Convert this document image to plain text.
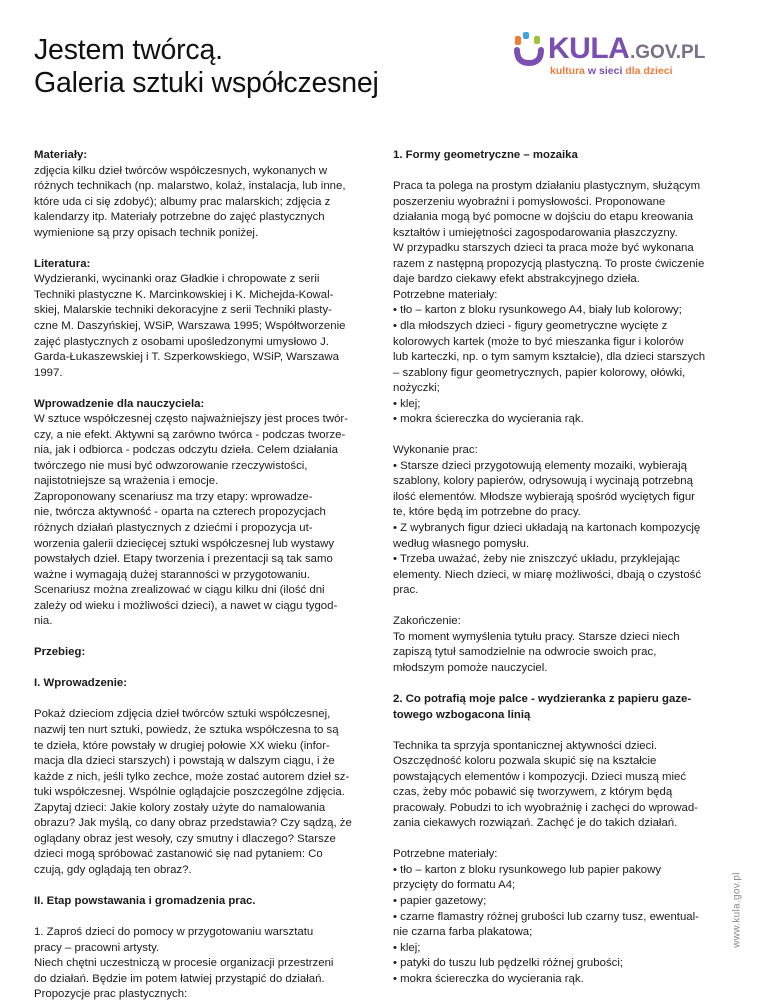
Jestem twórcą.
Galeria sztuki współczesnej
KULA .GOV.PL
kultura w sieci dla dzieci
Materiały:
zdjęcia kilku dzieł twórców współczesnych, wykonanych w
różnych technikach (np. malarstwo, kolaż, instalacja, lub inne,
które uda ci się zdobyć); albumy prac malarskich; zdjęcia z
kalendarzy itp. Materiały potrzebne do zajęć plastycznych
wymienione są przy opisach technik poniżej.
Literatura:
Wydzieranki, wycinanki oraz Gładkie i chropowate z serii
Techniki plastyczne K. Marcinkowskiej i K. Michejda-Kowal-
skiej, Malarskie techniki dekoracyjne z serii Techniki plasty-
czne M. Daszyńskiej, WSiP, Warszawa 1995; Współtworzenie
zajęć plastycznych z osobami upośledzonymi umysłowo J.
Garda-Łukaszewskiej i T. Szperkowskiego, WSiP, Warszawa
1997.
Wprowadzenie dla nauczyciela:
W sztuce współczesnej często najważniejszy jest proces twór-
czy, a nie efekt. Aktywni są zarówno twórca - podczas tworze-
nia, jak i odbiorca - podczas odczytu dzieła. Celem działania
twórczego nie musi być odwzorowanie rzeczywistości,
najistotniejsze są wrażenia i emocje.
Zaproponowany scenariusz ma trzy etapy: wprowadze-
nie, twórcza aktywność - oparta na czterech propozycjach
różnych działań plastycznych z dziećmi i propozycja ut-
worzenia galerii dziecięcej sztuki współczesnej lub wystawy
powstałych dzieł. Etapy tworzenia i prezentacji są tak samo
ważne i wymagają dużej staranności w przygotowaniu.
Scenariusz można zrealizować w ciągu kilku dni (ilość dni
zależy od wieku i możliwości dzieci), a nawet w ciągu tygod-
nia.
Przebieg:
I. Wprowadzenie:
Pokaż dzieciom zdjęcia dzieł twórców sztuki współczesnej,
nazwij ten nurt sztuki, powiedz, że sztuka współczesna to są
te dzieła, które powstały w drugiej połowie XX wieku (infor-
macja dla dzieci starszych) i powstają w dalszym ciągu, i że
każde z nich, jeśli tylko zechce, może zostać autorem dzieł sz-
tuki współczesnej. Wspólnie oglądajcie poszczególne zdjęcia.
Zapytaj dzieci: Jakie kolory zostały użyte do namalowania
obrazu? Jak myślą, co dany obraz przedstawia? Czy sądzą, że
oglądany obraz jest wesoły, czy smutny i dlaczego? Starsze
dzieci mogą spróbować zastanowić się nad pytaniem: Co
czują, gdy oglądają ten obraz?.
II. Etap powstawania i gromadzenia prac.
1. Zaproś dzieci do pomocy w przygotowaniu warsztatu
pracy – pracowni artysty.
Niech chętni uczestniczą w procesie organizacji przestrzeni
do działań. Będzie im potem łatwiej przystąpić do działań.
Propozycje prac plastycznych:
1. Formy geometryczne – mozaika
Praca ta polega na prostym działaniu plastycznym, służącym
poszerzeniu wyobraźni i pomysłowości. Proponowane
działania mogą być pomocne w dojściu do etapu kreowania
kształtów i umiejętności zagospodarowania płaszczyzny.
W przypadku starszych dzieci ta praca może być wykonana
razem z następną propozycją plastyczną. To proste ćwiczenie
daje bardzo ciekawy efekt abstrakcyjnego dzieła.
Potrzebne materiały:
• tło – karton z bloku rysunkowego A4, biały lub kolorowy;
• dla młodszych dzieci - figury geometryczne wycięte z
kolorowych kartek (może to być mieszanka figur i kolorów
lub karteczki, np. o tym samym kształcie), dla dzieci starszych
– szablony figur geometrycznych, papier kolorowy, ołówki,
nożyczki;
• klej;
• mokra ściereczka do wycierania rąk.
Wykonanie prac:
• Starsze dzieci przygotowują elementy mozaiki, wybierają
szablony, kolory papierów, odrysowują i wycinają potrzebną
ilość elementów. Młodsze wybierają spośród wyciętych figur
te, które będą im potrzebne do pracy.
• Z wybranych figur dzieci układają na kartonach kompozycję
według własnego pomysłu.
• Trzeba uważać, żeby nie zniszczyć układu, przyklejając
elementy. Niech dzieci, w miarę możliwości, dbają o czystość
prac.
Zakończenie:
To moment wymyślenia tytułu pracy. Starsze dzieci niech
zapiszą tytuł samodzielnie na odwrocie swoich prac,
młodszym pomoże nauczyciel.
2. Co potrafią moje palce - wydzieranka z papieru gaze-
towego wzbogacona linią
Technika ta sprzyja spontanicznej aktywności dzieci.
Oszczędność koloru pozwala skupić się na kształcie
powstających elementów i kompozycji. Dzieci muszą mieć
czas, żeby móc pobawić się tworzywem, z którym będą
pracowały. Pobudzi to ich wyobraźnię i zachęci do wprowad-
zania ciekawych rozwiązań. Zachęć je do takich działań.
Potrzebne materiały:
• tło – karton z bloku rysunkowego lub papier pakowy
przycięty do formatu A4;
• papier gazetowy;
• czarne flamastry różnej grubości lub czarny tusz, ewentual-
nie czarna farba plakatowa;
• klej;
• patyki do tuszu lub pędzelki różnej grubości;
• mokra ściereczka do wycierania rąk.
www.kula.gov.pl
